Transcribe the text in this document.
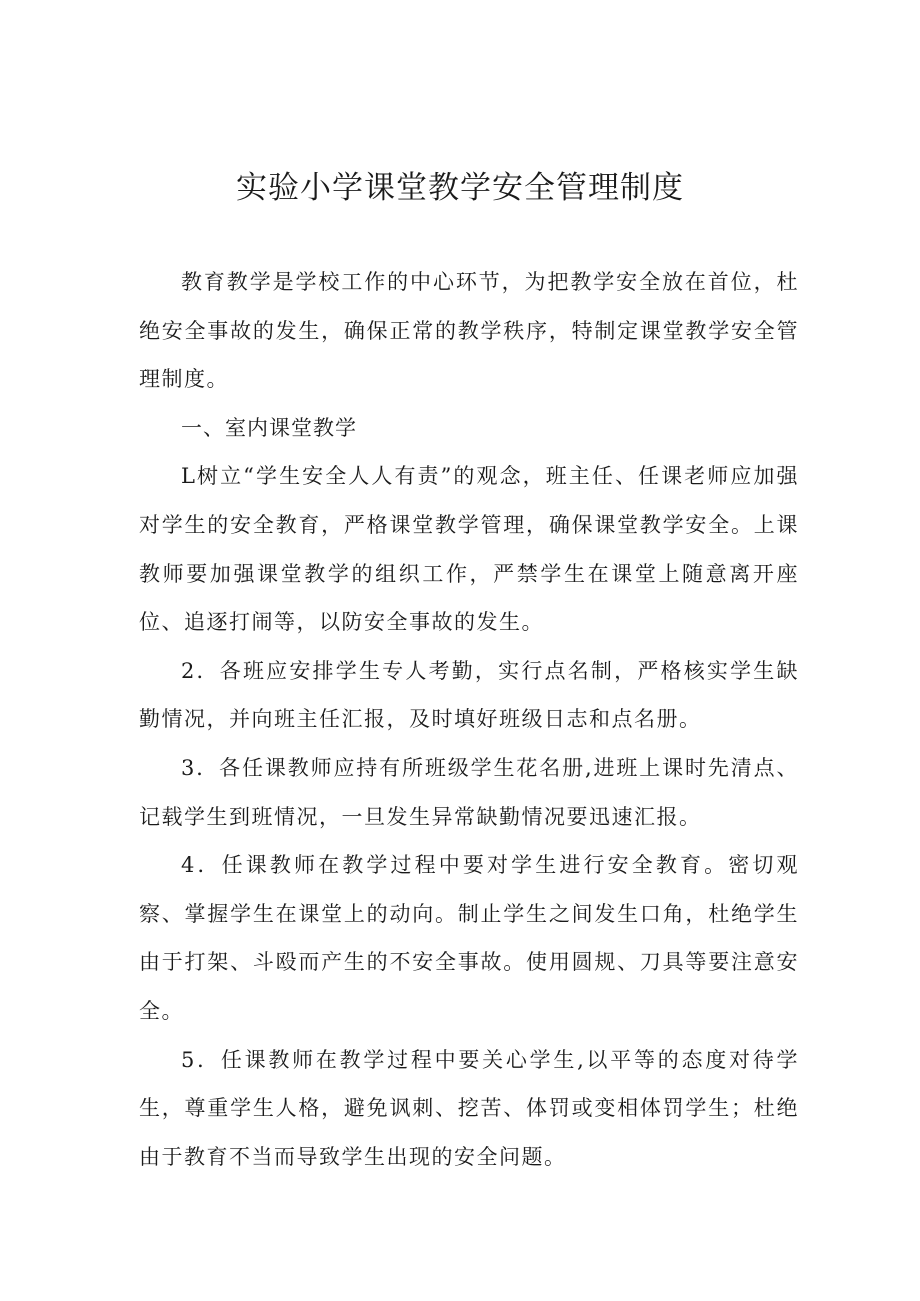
实验小学课堂教学安全管理制度

教育教学是学校工作的中心环节，为把教学安全放在首位，杜绝安全事故的发生，确保正常的教学秩序，特制定课堂教学安全管理制度。

一、室内课堂教学

L树立“学生安全人人有责”的观念，班主任、任课老师应加强对学生的安全教育，严格课堂教学管理，确保课堂教学安全。上课教师要加强课堂教学的组织工作，严禁学生在课堂上随意离开座位、追逐打闹等，以防安全事故的发生。

2．各班应安排学生专人考勤，实行点名制，严格核实学生缺勤情况，并向班主任汇报，及时填好班级日志和点名册。

3．各任课教师应持有所班级学生花名册,进班上课时先清点、记载学生到班情况，一旦发生异常缺勤情况要迅速汇报。

4．任课教师在教学过程中要对学生进行安全教育。密切观察、掌握学生在课堂上的动向。制止学生之间发生口角，杜绝学生由于打架、斗殴而产生的不安全事故。使用圆规、刀具等要注意安全。

5．任课教师在教学过程中要关心学生,以平等的态度对待学生，尊重学生人格，避免讽刺、挖苦、体罚或变相体罚学生；杜绝由于教育不当而导致学生出现的安全问题。
